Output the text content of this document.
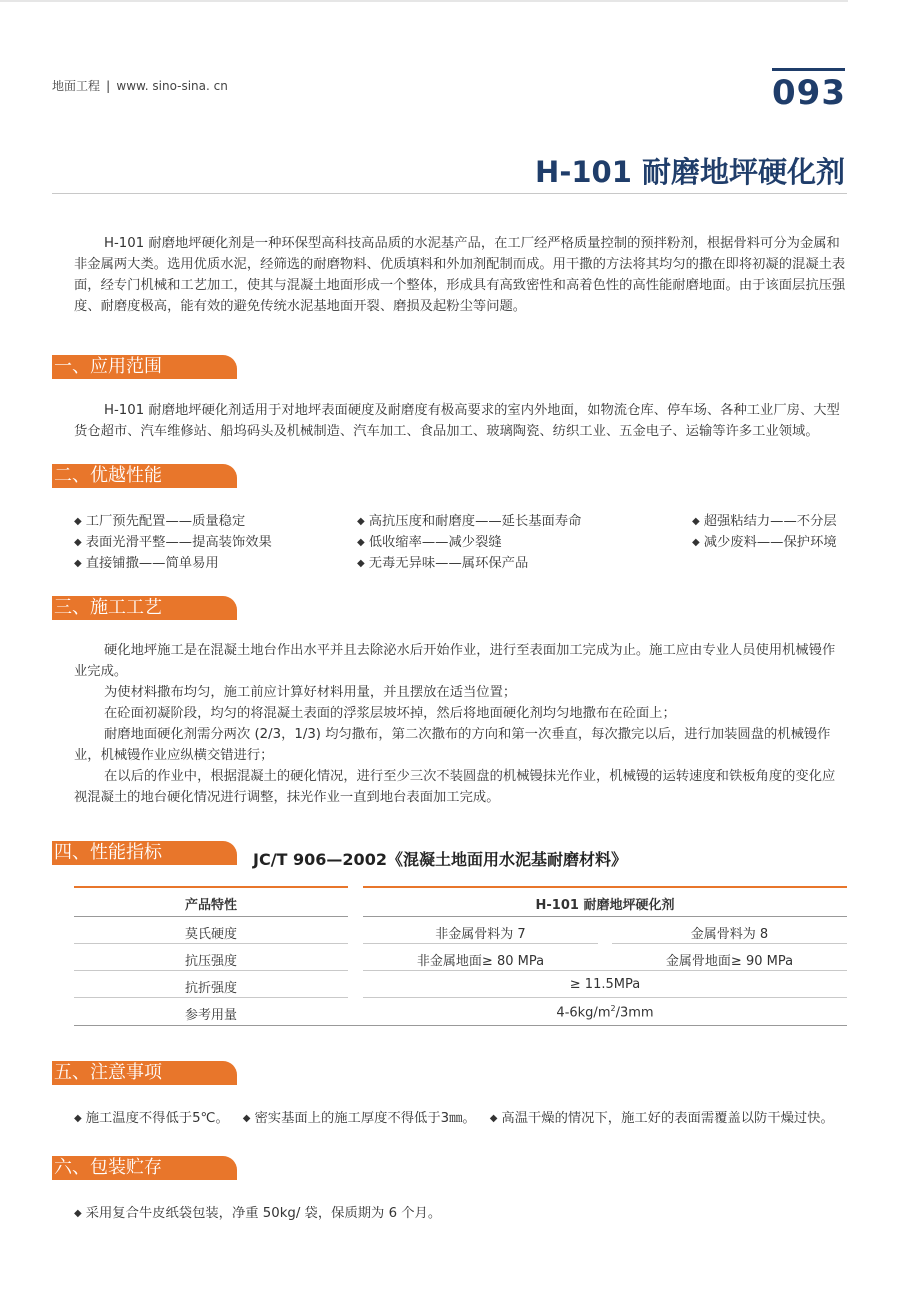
地面工程 | www. sino-sina. cn	093
H-101 耐磨地坪硬化剂
H-101 耐磨地坪硬化剂是一种环保型高科技高品质的水泥基产品，在工厂经严格质量控制的预拌粉剂，根据骨料可分为金属和非金属两大类。选用优质水泥，经筛选的耐磨物料、优质填料和外加剂配制而成。用干撒的方法将其均匀的撒在即将初凝的混凝土表面，经专门机械和工艺加工，使其与混凝土地面形成一个整体，形成具有高致密性和高着色性的高性能耐磨地面。由于该面层抗压强度、耐磨度极高，能有效的避免传统水泥基地面开裂、磨损及起粉尘等问题。
一、应用范围
H-101 耐磨地坪硬化剂适用于对地坪表面硬度及耐磨度有极高要求的室内外地面，如物流仓库、停车场、各种工业厂房、大型货仓超市、汽车维修站、船坞码头及机械制造、汽车加工、食品加工、玻璃陶瓷、纺织工业、五金电子、运输等许多工业领域。
二、优越性能
◆ 工厂预先配置——质量稳定	◆ 高抗压度和耐磨度——延长基面寿命	◆ 超强粘结力——不分层
◆ 表面光滑平整——提高装饰效果	◆ 低收缩率——减少裂缝	◆ 减少废料——保护环境
◆ 直接铺撒——简单易用	◆ 无毒无异味——属环保产品
三、施工工艺
硬化地坪施工是在混凝土地台作出水平并且去除泌水后开始作业，进行至表面加工完成为止。施工应由专业人员使用机械镘作业完成。
为使材料撒布均匀，施工前应计算好材料用量，并且摆放在适当位置；
在砼面初凝阶段，均匀的将混凝土表面的浮浆层坡坏掉，然后将地面硬化剂均匀地撒布在砼面上；
耐磨地面硬化剂需分两次 (2/3，1/3) 均匀撒布，第二次撒布的方向和第一次垂直，每次撒完以后，进行加装圆盘的机械镘作业，机械镘作业应纵横交错进行；
在以后的作业中，根据混凝土的硬化情况，进行至少三次不装圆盘的机械镘抹光作业，机械镘的运转速度和铁板角度的变化应视混凝土的地台硬化情况进行调整，抹光作业一直到地台表面加工完成。
四、性能指标	JC/T 906—2002《混凝土地面用水泥基耐磨材料》
产品特性	H-101 耐磨地坪硬化剂
莫氏硬度	非金属骨料为 7	金属骨料为 8
抗压强度	非金属地面≥ 80 MPa	金属骨地面≥ 90 MPa
抗折强度	≥ 11.5MPa
参考用量	$4-6kg/m^2/3mm$
五、注意事项
◆ 施工温度不得低于5℃。 ◆ 密实基面上的施工厚度不得低于3㎜。 ◆ 高温干燥的情况下，施工好的表面需覆盖以防干燥过快。
六、包装贮存
◆ 采用复合牛皮纸袋包装，净重 50kg/ 袋，保质期为 6 个月。
